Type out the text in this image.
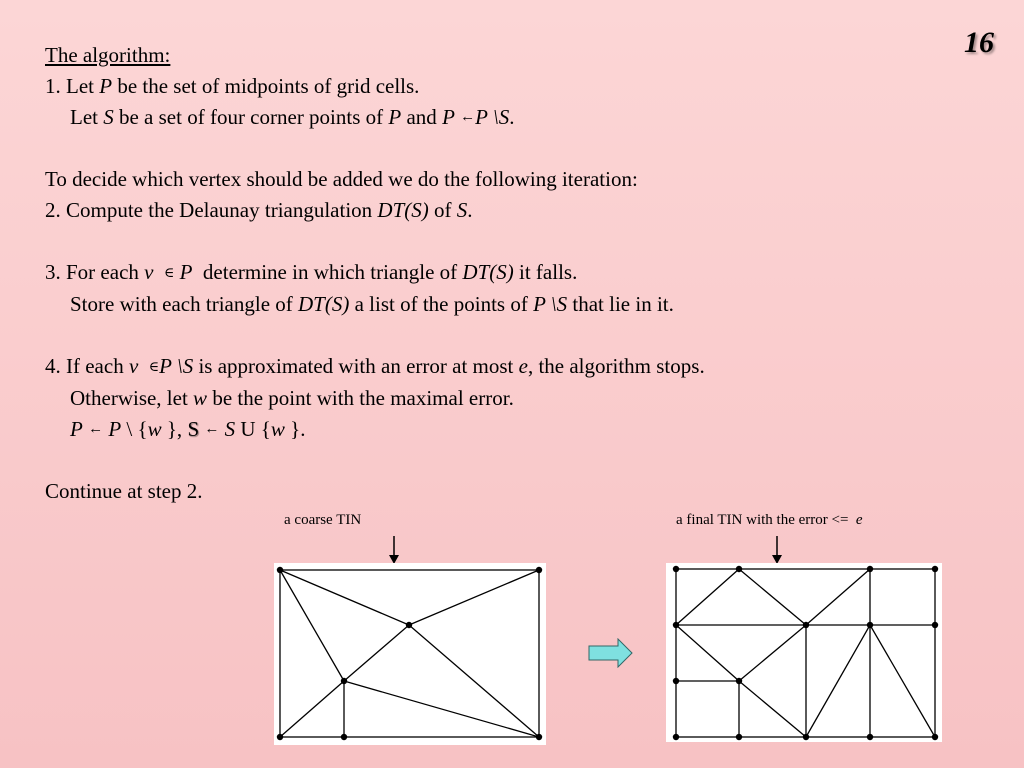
16
The algorithm:
1. Let P be the set of midpoints of grid cells.
Let S be a set of four corner points of P and P ←P \S.
To decide which vertex should be added we do the following iteration:
2. Compute the Delaunay triangulation DT(S) of S.
3. For each v ∈ P  determine in which triangle of DT(S) it falls.
Store with each triangle of DT(S) a list of the points of P \S that lie in it.
4. If each v ∈P \S is approximated with an error at most e, the algorithm stops.
Otherwise, let w be the point with the maximal error.
P ← P \ {w }, S ← S U {w }.
Continue at step 2.
a coarse TIN	a final TIN with the error <= e
